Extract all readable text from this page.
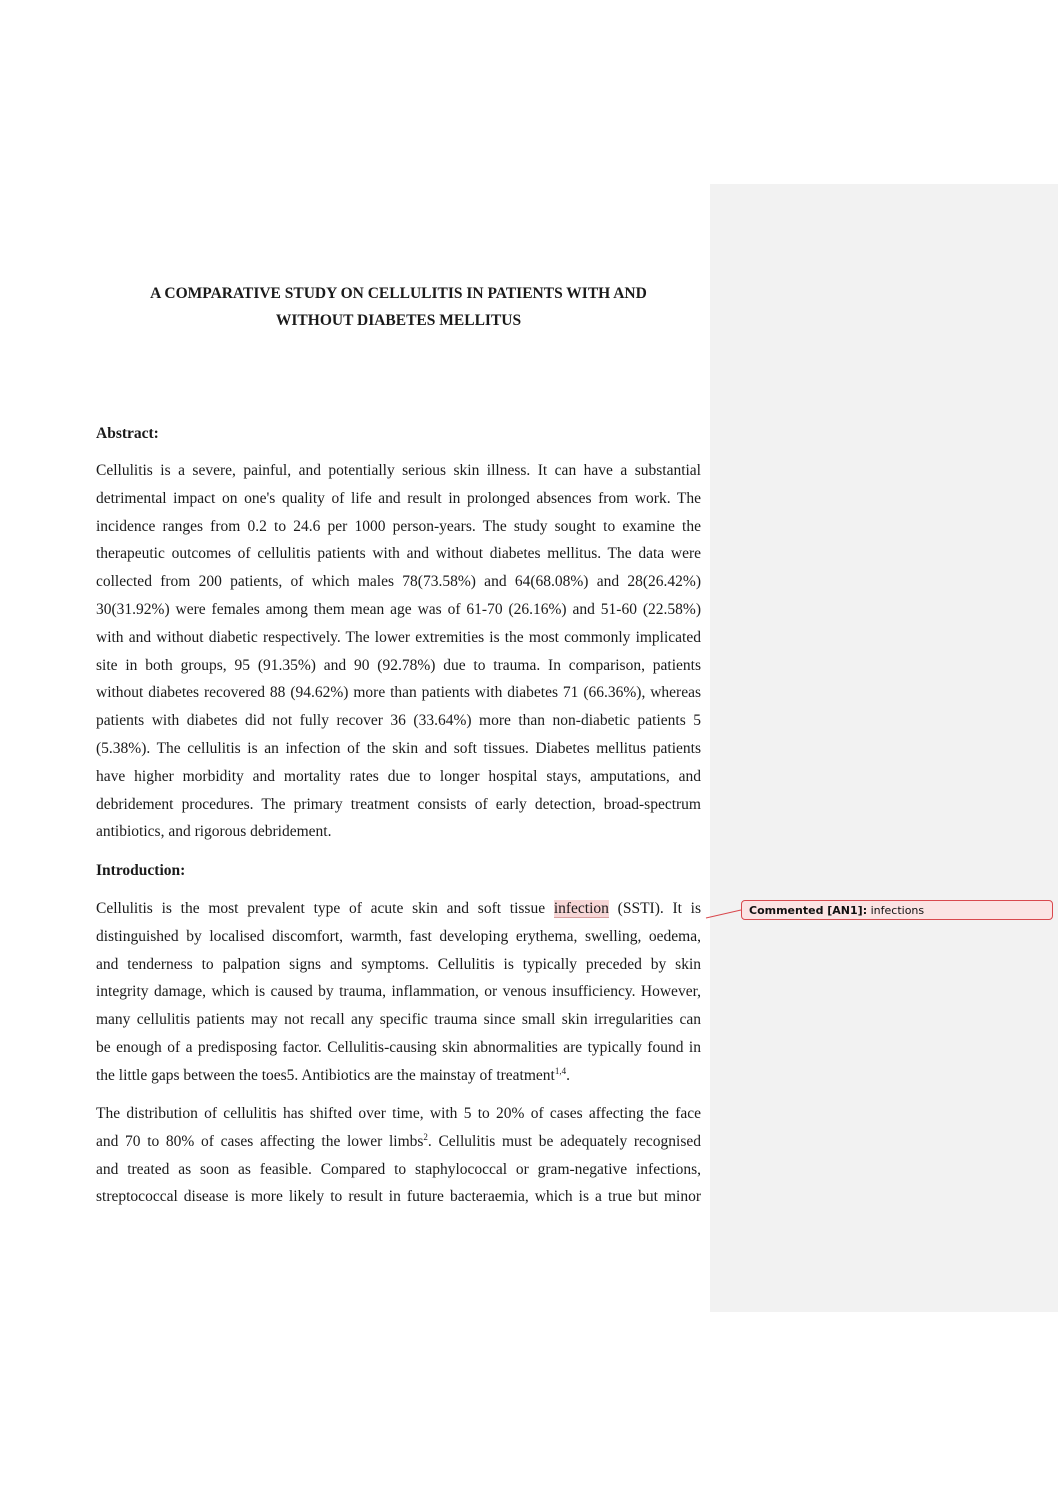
A COMPARATIVE STUDY ON CELLULITIS IN PATIENTS WITH AND
WITHOUT DIABETES MELLITUS
Abstract:
Cellulitis is a severe, painful, and potentially serious skin illness. It can have a substantial
detrimental impact on one's quality of life and result in prolonged absences from work. The
incidence ranges from 0.2 to 24.6 per 1000 person-years. The study sought to examine the
therapeutic outcomes of cellulitis patients with and without diabetes mellitus. The data were
collected from 200 patients, of which males 78(73.58%) and 64(68.08%) and 28(26.42%)
30(31.92%) were females among them mean age was of 61-70 (26.16%) and 51-60 (22.58%)
with and without diabetic respectively. The lower extremities is the most commonly implicated
site in both groups, 95 (91.35%) and 90 (92.78%) due to trauma. In comparison, patients
without diabetes recovered 88 (94.62%) more than patients with diabetes 71 (66.36%), whereas
patients with diabetes did not fully recover 36 (33.64%) more than non-diabetic patients 5
(5.38%). The cellulitis is an infection of the skin and soft tissues. Diabetes mellitus patients
have higher morbidity and mortality rates due to longer hospital stays, amputations, and
debridement procedures. The primary treatment consists of early detection, broad-spectrum
antibiotics, and rigorous debridement.
Introduction:
Cellulitis is the most prevalent type of acute skin and soft tissue infection (SSTI). It is
distinguished by localised discomfort, warmth, fast developing erythema, swelling, oedema,
and tenderness to palpation signs and symptoms. Cellulitis is typically preceded by skin
integrity damage, which is caused by trauma, inflammation, or venous insufficiency. However,
many cellulitis patients may not recall any specific trauma since small skin irregularities can
be enough of a predisposing factor. Cellulitis-causing skin abnormalities are typically found in
the little gaps between the toes5. Antibiotics are the mainstay of treatment$^{1,4}$.
The distribution of cellulitis has shifted over time, with 5 to 20% of cases affecting the face
and 70 to 80% of cases affecting the lower limbs$^2$. Cellulitis must be adequately recognised
and treated as soon as feasible. Compared to staphylococcal or gram-negative infections,
streptococcal disease is more likely to result in future bacteraemia, which is a true but minor
Commented [AN1]: infections
